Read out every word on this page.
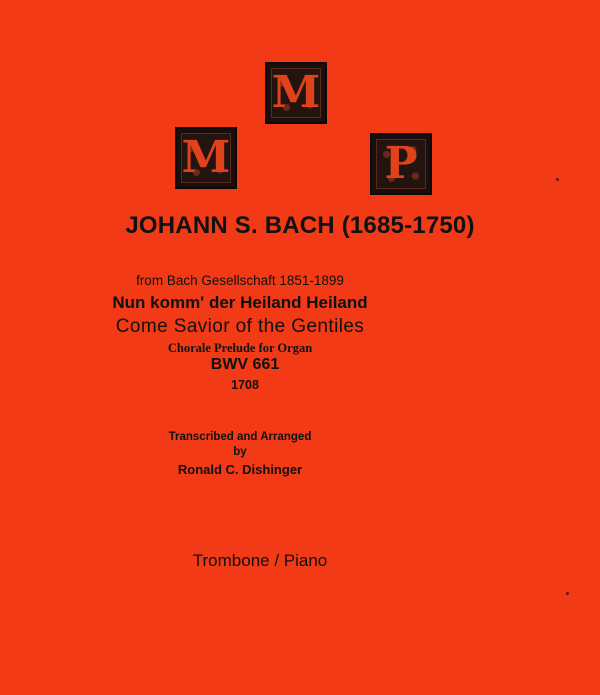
M
M	P
JOHANN S. BACH (1685-1750)
from Bach Gesellschaft 1851-1899
Nun komm' der Heiland Heiland
Come Savior of the Gentiles
Chorale Prelude for Organ
BWV 661
1708
Transcribed and Arranged
by
Ronald C. Dishinger
Trombone / Piano
